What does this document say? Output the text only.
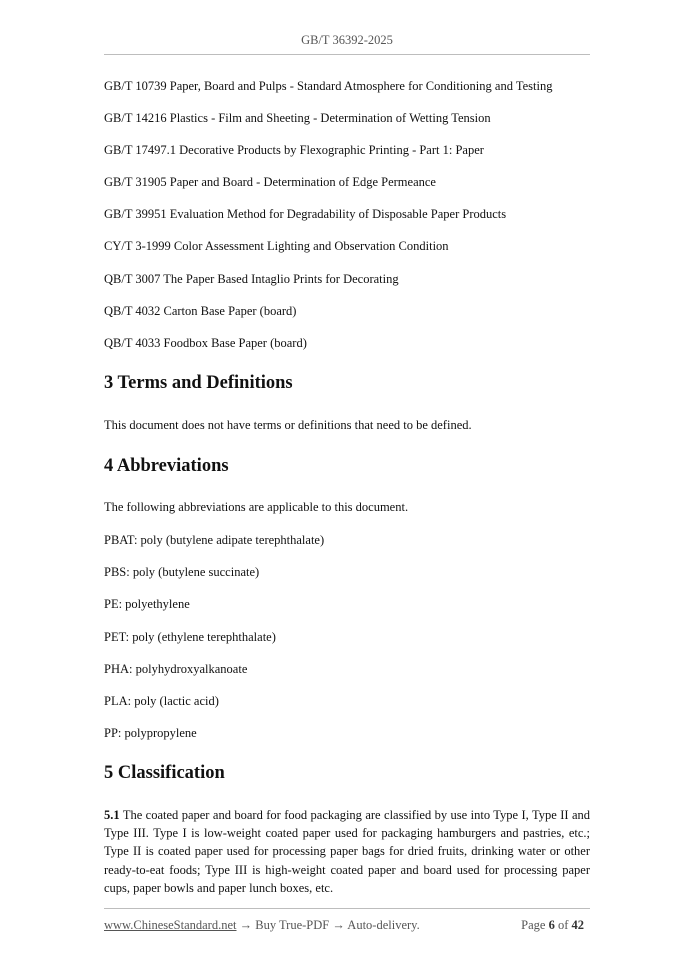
GB/T 36392-2025
GB/T 10739 Paper, Board and Pulps - Standard Atmosphere for Conditioning and Testing
GB/T 14216 Plastics - Film and Sheeting - Determination of Wetting Tension
GB/T 17497.1 Decorative Products by Flexographic Printing - Part 1: Paper
GB/T 31905 Paper and Board - Determination of Edge Permeance
GB/T 39951 Evaluation Method for Degradability of Disposable Paper Products
CY/T 3-1999 Color Assessment Lighting and Observation Condition
QB/T 3007 The Paper Based Intaglio Prints for Decorating
QB/T 4032 Carton Base Paper (board)
QB/T 4033 Foodbox Base Paper (board)
3 Terms and Definitions

This document does not have terms or definitions that need to be defined.

4 Abbreviations

The following abbreviations are applicable to this document.

PBAT: poly (butylene adipate terephthalate)
PBS: poly (butylene succinate)
PE: polyethylene
PET: poly (ethylene terephthalate)
PHA: polyhydroxyalkanoate
PLA: poly (lactic acid)
PP: polypropylene
5 Classification

5.1 The coated paper and board for food packaging are classified by use into Type I, Type II and Type III. Type I is low-weight coated paper used for packaging hamburgers and pastries, etc.; Type II is coated paper used for processing paper bags for dried fruits, drinking water or other ready-to-eat foods; Type III is high-weight coated paper and board used for processing paper cups, paper bowls and paper lunch boxes, etc.

www.ChineseStandard.net → Buy True-PDF → Auto-delivery.	Page 6 of 42
